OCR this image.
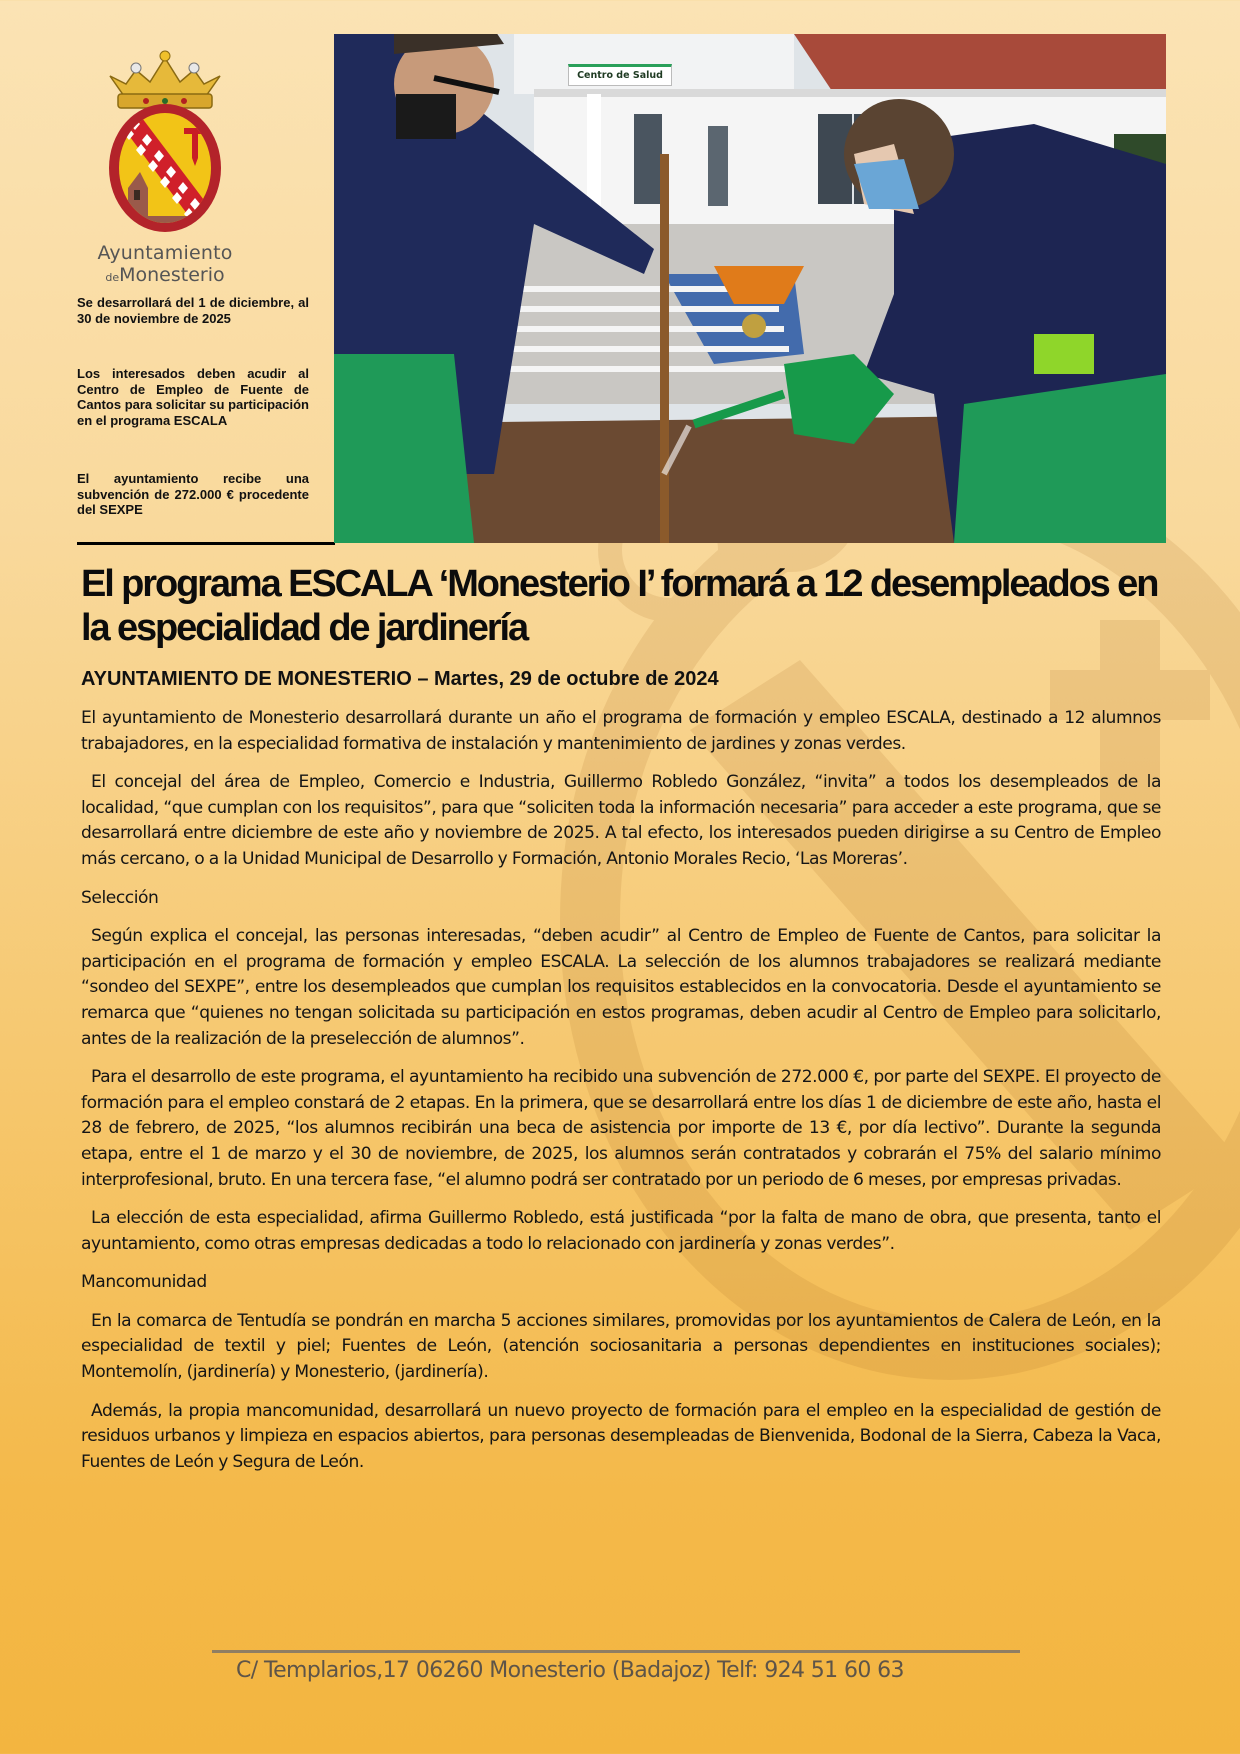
Ayuntamiento
deMonesterio

Se desarrollará del 1 de diciembre, al 30 de noviembre de 2025

Los interesados deben acudir al Centro de Empleo de Fuente de Cantos para solicitar su participación en el programa ESCALA

El ayuntamiento recibe una subvención de 272.000 € procedente del SEXPE

Centro de Salud
El programa ESCALA ‘Monesterio I’ formará a 12 desempleados en la especialidad de jardinería
AYUNTAMIENTO DE MONESTERIO – Martes, 29 de octubre de 2024

El ayuntamiento de Monesterio desarrollará durante un año el programa de formación y empleo ESCALA, destinado a 12 alumnos trabajadores, en la especialidad formativa de instalación y mantenimiento de jardines y zonas verdes.

El concejal del área de Empleo, Comercio e Industria, Guillermo Robledo González, “invita” a todos los desempleados de la localidad, “que cumplan con los requisitos”, para que “soliciten toda la información necesaria” para acceder a este programa, que se desarrollará entre diciembre de este año y noviembre de 2025. A tal efecto, los interesados pueden dirigirse a su Centro de Empleo más cercano, o a la Unidad Municipal de Desarrollo y Formación, Antonio Morales Recio, ‘Las Moreras’.

Selección

Según explica el concejal, las personas interesadas, “deben acudir” al Centro de Empleo de Fuente de Cantos, para solicitar la participación en el programa de formación y empleo ESCALA. La selección de los alumnos trabajadores se realizará mediante “sondeo del SEXPE”, entre los desempleados que cumplan los requisitos establecidos en la convocatoria. Desde el ayuntamiento se remarca que “quienes no tengan solicitada su participación en estos programas, deben acudir al Centro de Empleo para solicitarlo, antes de la realización de la preselección de alumnos”.

Para el desarrollo de este programa, el ayuntamiento ha recibido una subvención de 272.000 €, por parte del SEXPE. El proyecto de formación para el empleo constará de 2 etapas. En la primera, que se desarrollará entre los días 1 de diciembre de este año, hasta el 28 de febrero, de 2025, “los alumnos recibirán una beca de asistencia por importe de 13 €, por día lectivo”. Durante la segunda etapa, entre el 1 de marzo y el 30 de noviembre, de 2025, los alumnos serán contratados y cobrarán el 75% del salario mínimo interprofesional, bruto. En una tercera fase, “el alumno podrá ser contratado por un periodo de 6 meses, por empresas privadas.

La elección de esta especialidad, afirma Guillermo Robledo, está justificada “por la falta de mano de obra, que presenta, tanto el ayuntamiento, como otras empresas dedicadas a todo lo relacionado con jardinería y zonas verdes”.

Mancomunidad

En la comarca de Tentudía se pondrán en marcha 5 acciones similares, promovidas por los ayuntamientos de Calera de León, en la especialidad de textil y piel; Fuentes de León, (atención sociosanitaria a personas dependientes en instituciones sociales); Montemolín, (jardinería) y Monesterio, (jardinería).

Además, la propia mancomunidad, desarrollará un nuevo proyecto de formación para el empleo en la especialidad de gestión de residuos urbanos y limpieza en espacios abiertos, para personas desempleadas de Bienvenida, Bodonal de la Sierra, Cabeza la Vaca, Fuentes de León y Segura de León.

C/ Templarios,17 06260 Monesterio (Badajoz) Telf: 924 51 60 63
